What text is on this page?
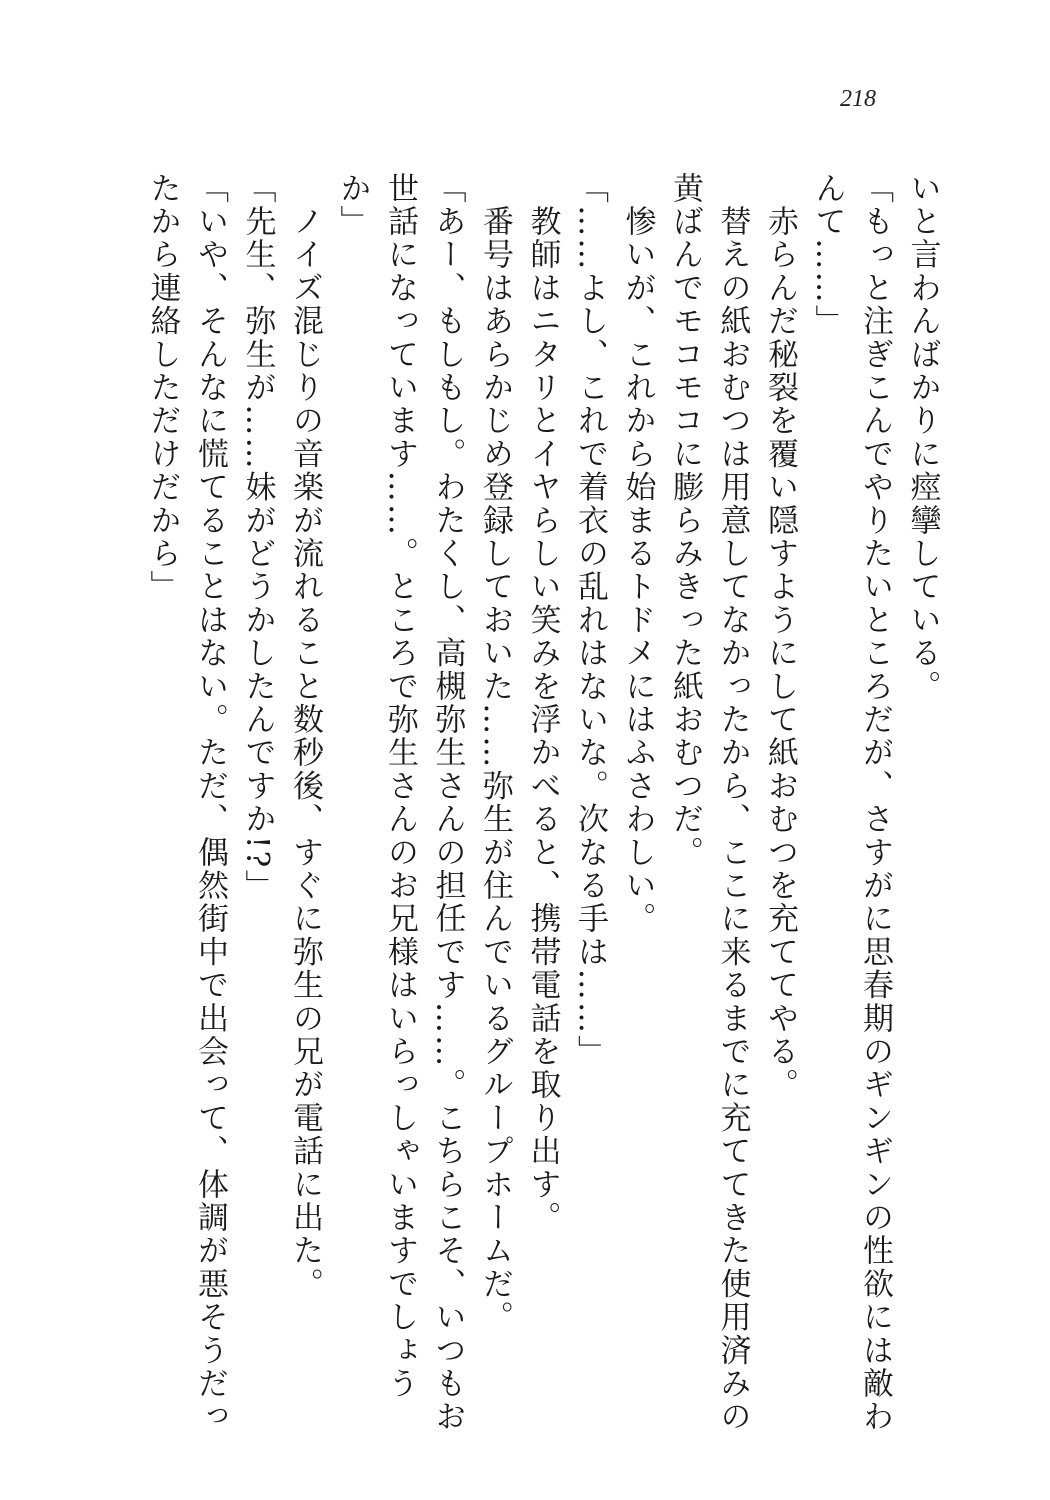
218
いと言わんばかりに痙攣している。
「もっと注ぎこんでやりたいところだが、さすがに思春期のギンギンの性欲には敵わ
んて……」
　赤らんだ秘裂を覆い隠すようにして紙おむつを充ててやる。
　替えの紙おむつは用意してなかったから、ここに来るまでに充ててきた使用済みの
黄ばんでモコモコに膨らみきった紙おむつだ。
　惨いが、これから始まるトドメにはふさわしい。
「……よし、これで着衣の乱れはないな。次なる手は……」
　教師はニタリとイヤらしい笑みを浮かべると、携帯電話を取り出す。
　番号はあらかじめ登録しておいた……弥生が住んでいるグループホームだ。
「あー、もしもし。わたくし、高槻弥生さんの担任です……。こちらこそ、いつもお
世話になっています……。ところで弥生さんのお兄様はいらっしゃいますでしょう
か」
　ノイズ混じりの音楽が流れること数秒後、すぐに弥生の兄が電話に出た。
「先生、弥生が……妹がどうかしたんですか!?」
「いや、そんなに慌てることはない。ただ、偶然街中で出会って、体調が悪そうだっ
たから連絡しただけだから」
